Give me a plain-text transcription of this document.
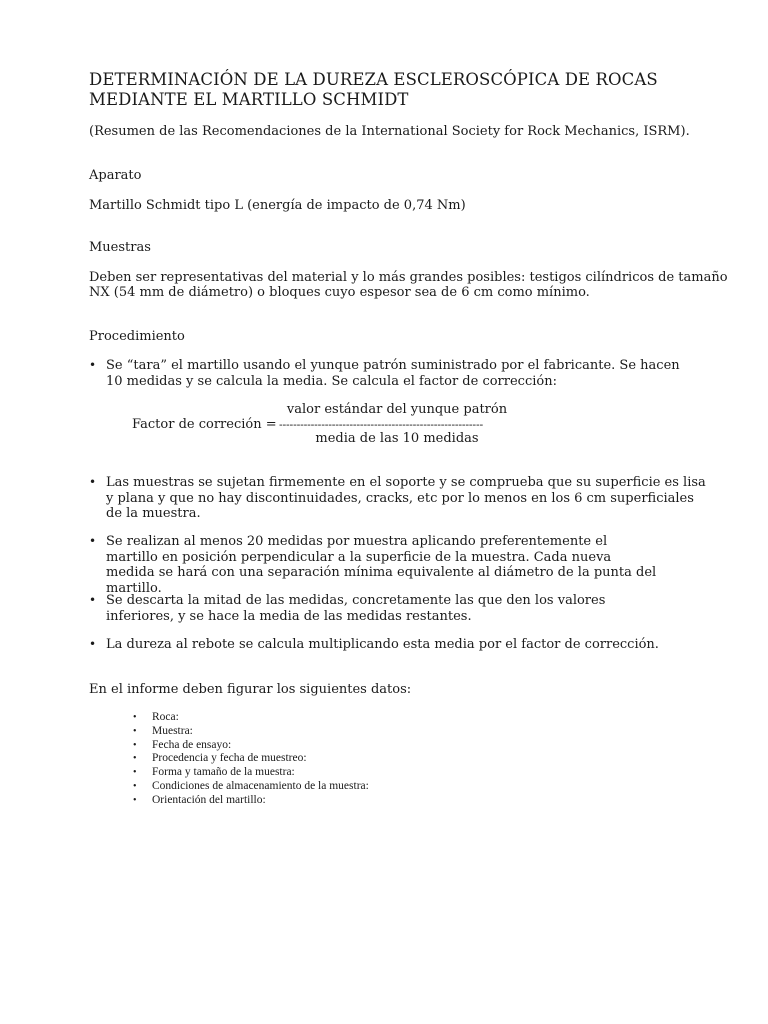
DETERMINACIÓN DE LA DUREZA ESCLEROSCÓPICA DE ROCAS MEDIANTE EL MARTILLO SCHMIDT

(Resumen de las Recomendaciones de la International Society for Rock Mechanics, ISRM).

Aparato

Martillo Schmidt tipo L (energía de impacto de 0,74 Nm)

Muestras

Deben ser representativas del material y lo más grandes posibles: testigos cilíndricos de tamaño

NX (54 mm de diámetro) o bloques cuyo espesor sea de 6 cm como mínimo.

Procedimiento

• Se “tara” el martillo usando el yunque patrón suministrado por el fabricante. Se hacen 10 medidas y se calcula la media. Se calcula el factor de corrección:
valor estándar del yunque patrón
Factor de correción = ----------------------------------------------------------
media de las 10 medidas
• Las muestras se sujetan firmemente en el soporte y se comprueba que su superficie es lisa y plana y que no hay discontinuidades, cracks, etc por lo menos en los 6 cm superficiales de la muestra.
• Se realizan al menos 20 medidas por muestra aplicando preferentemente el martillo en posición perpendicular a la superficie de la muestra. Cada nueva medida se hará con una separación mínima equivalente al diámetro de la punta del martillo.
• Se descarta la mitad de las medidas, concretamente las que den los valores inferiores, y se hace la media de las medidas restantes.
• La dureza al rebote se calcula multiplicando esta media por el factor de corrección.

En el informe deben figurar los siguientes datos:

• Roca:
• Muestra:
• Fecha de ensayo:
• Procedencia y fecha de muestreo:
• Forma y tamaño de la muestra:
• Condiciones de almacenamiento de la muestra:
• Orientación del martillo:
